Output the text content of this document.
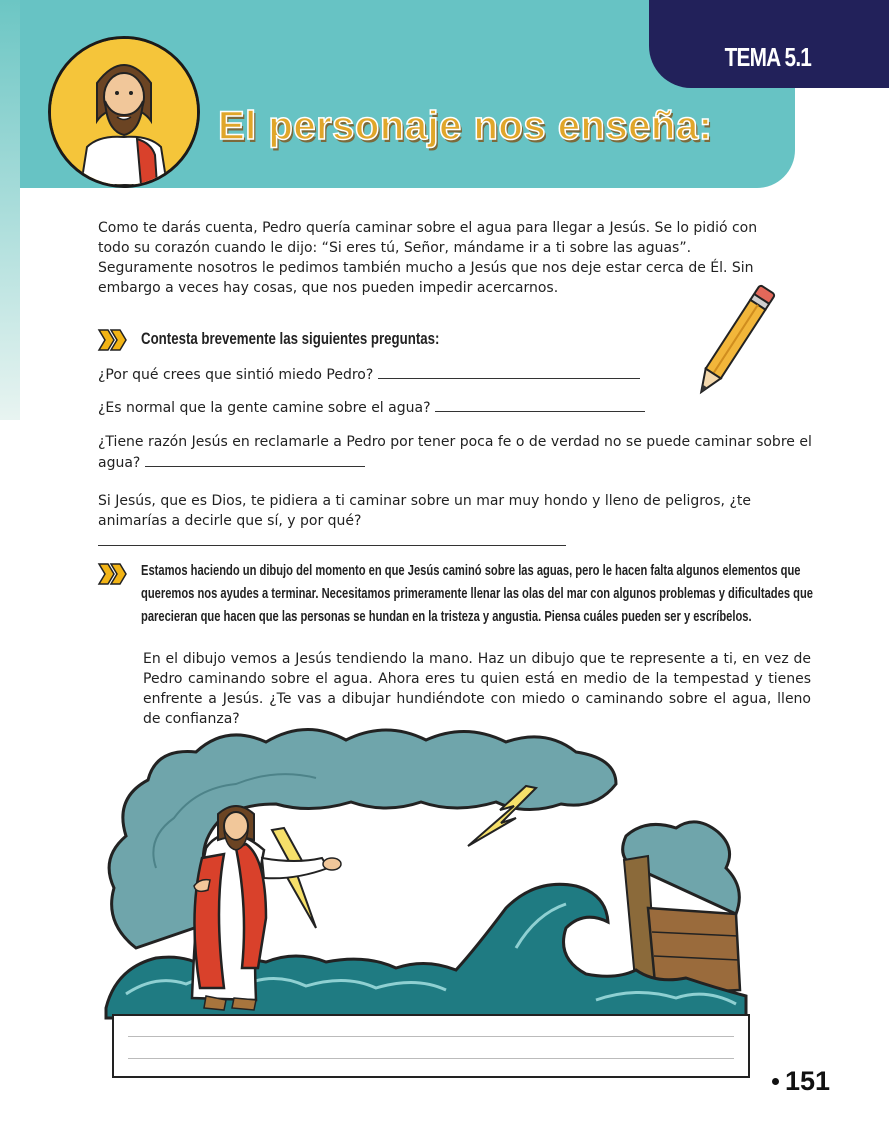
TEMA 5.1
El personaje nos enseña:
Como te darás cuenta, Pedro quería caminar sobre el agua para llegar a Jesús. Se lo pidió con todo su corazón cuando le dijo: “Si eres tú, Señor, mándame ir a ti sobre las aguas”. Seguramente nosotros le pedimos también mucho a Jesús que nos deje estar cerca de Él. Sin embargo a veces hay cosas, que nos pueden impedir acercarnos.
Contesta brevemente las siguientes preguntas:
¿Por qué crees que sintió miedo Pedro?
¿Es normal que la gente camine sobre el agua?
¿Tiene razón Jesús en reclamarle a Pedro por tener poca fe o de verdad no se puede caminar sobre el agua?
Si Jesús, que es Dios, te pidiera a ti caminar sobre un mar muy hondo y lleno de peligros, ¿te animarías a decirle que sí, y por qué?
Estamos haciendo un dibujo del momento en que Jesús caminó sobre las aguas, pero le hacen falta algunos elementos que
queremos nos ayudes a terminar. Necesitamos primeramente llenar las olas del mar con algunos problemas y dificultades que
parecieran que hacen que las personas se hundan en la tristeza y angustia. Piensa cuáles pueden ser y escríbelos.
En el dibujo vemos a Jesús tendiendo la mano. Haz un dibujo que te represente a ti, en vez de Pedro caminando sobre el agua. Ahora eres tu quien está en medio de la tempestad y tienes enfrente a Jesús. ¿Te vas a dibujar hundiéndote con miedo o caminando sobre el agua, lleno de confianza?
151
